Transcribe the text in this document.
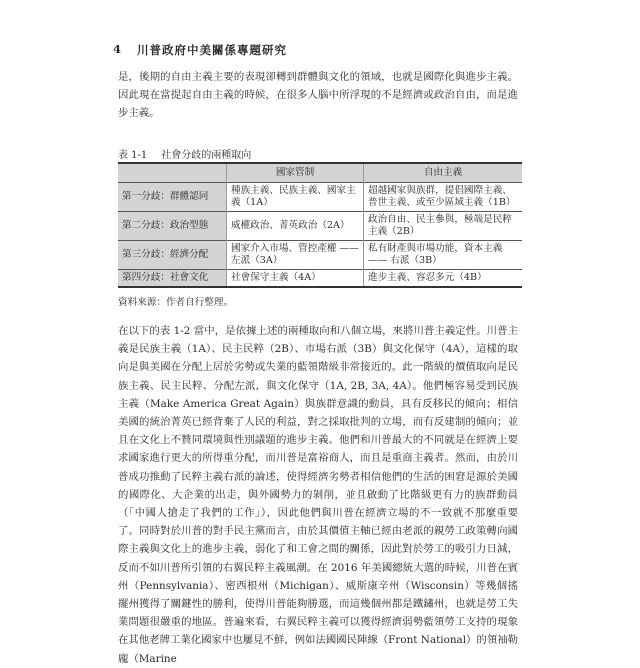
4 川普政府中美關係專題研究

是，後期的自由主義主要的表現卻轉到群體與文化的領域，也就是國際化與進步主義。因此現在當提起自由主義的時候，在很多人腦中所浮現的不是經濟或政治自由，而是進步主義。

表 1-1 社會分歧的兩種取向
	國家管制	自由主義
第一分歧：群體認同	種族主義、民族主義、國家主義（1A）	超越國家與族群，提倡國際主義、普世主義、或至少區域主義（1B）
第二分歧：政治型態	威權政治、菁英政治（2A）	政治自由、民主參與，極端是民粹主義（2B）
第三分歧：經濟分配	國家介入市場、管控產權 —— 左派（3A）	私有財產與市場功能，資本主義 —— 右派（3B）
第四分歧：社會文化	社會保守主義（4A）	進步主義、容忍多元（4B）
資料來源：作者自行整理。

在以下的表 1-2 當中，是依據上述的兩種取向和八個立場，來將川普主義定性。川普主義是民族主義（1A）、民主民粹（2B）、市場右派（3B）與文化保守（4A），這樣的取向是與美國在分配上居於劣勢或失業的藍領階級非常接近的。此一階級的價值取向是民族主義、民主民粹、分配左派，與文化保守（1A, 2B, 3A, 4A）。他們極容易受到民族主義（Make America Great Again）與族群意識的動員，具有反移民的傾向；相信美國的統治菁英已經背棄了人民的利益，對之採取批判的立場，而有反建制的傾向；並且在文化上不贊同環境與性別議題的進步主義。他們和川普最大的不同就是在經濟上要求國家進行更大的所得重分配，而川普是富裕商人，而且是重商主義者。然而，由於川普成功推動了民粹主義右派的論述，使得經濟劣勢者相信他們的生活的困窘是源於美國的國際化、大企業的出走，與外國勢力的剝削，並且啟動了比階級更有力的族群動員（「中國人搶走了我們的工作」），因此他們與川普在經濟立場的不一致就不那麼重要了。同時對於川普的對手民主黨而言，由於其價值主軸已經由老派的親勞工政策轉向國際主義與文化上的進步主義，弱化了和工會之間的關係，因此對於勞工的吸引力日減，反而不如川普所引領的右翼民粹主義風潮。在 2016 年美國總統大選的時候，川普在賓州（Pennsylvania）、密西根州（Michigan）、威斯康辛州（Wisconsin）等幾個搖擺州獲得了關鍵性的勝利，使得川普能夠勝選，而這幾個州都是鐵鏽州，也就是勞工失業問題很嚴重的地區。普遍來看，右翼民粹主義可以獲得經濟弱勢藍領勞工支持的現象在其他老牌工業化國家中也屢見不鮮，例如法國國民陣線（Front National）的領袖勒龐（Marine
